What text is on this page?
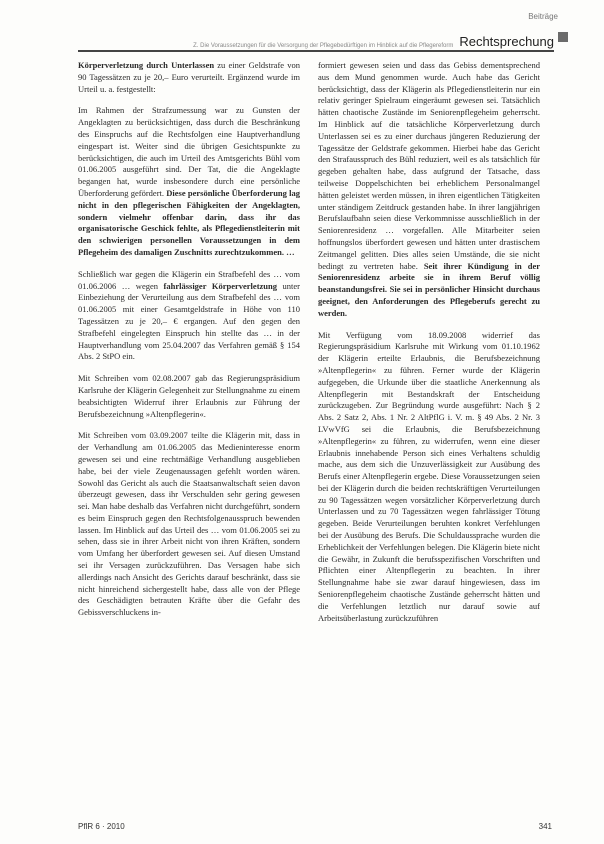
Beiträge
Z. Die Voraussetzungen für die Versorgung der Pflegebedürftigen im Hinblick auf die Pflegereform Rechtsprechung

Körperverletzung durch Unterlassen zu einer Geldstrafe von 90 Tagessätzen zu je 20,– Euro verurteilt. Ergänzend wurde im Urteil u. a. festgestellt:

Im Rahmen der Strafzumessung war zu Gunsten der Angeklagten zu berücksichtigen, dass durch die Beschränkung des Einspruchs auf die Rechtsfolgen eine Hauptverhandlung eingespart ist. Weiter sind die übrigen Gesichtspunkte zu berücksichtigen, die auch im Urteil des Amtsgerichts Bühl vom 01.06.2005 ausgeführt sind. Der Tat, die die Angeklagte begangen hat, wurde insbesondere durch eine persönliche Überforderung gefördert. Diese persönliche Überforderung lag nicht in den pflegerischen Fähigkeiten der Angeklagten, sondern vielmehr offenbar darin, dass ihr das organisatorische Geschick fehlte, als Pflegedienstleiterin mit den schwierigen personellen Voraussetzungen in dem Pflegeheim des damaligen Zuschnitts zurechtzukommen. …

Schließlich war gegen die Klägerin ein Strafbefehl des … vom 01.06.2006 … wegen fahrlässiger Körperverletzung unter Einbeziehung der Verurteilung aus dem Strafbefehl des … vom 01.06.2005 mit einer Gesamtgeldstrafe in Höhe von 110 Tagessätzen zu je 20,– € ergangen. Auf den gegen den Strafbefehl eingelegten Einspruch hin stellte das … in der Hauptverhandlung vom 25.04.2007 das Verfahren gemäß § 154 Abs. 2 StPO ein.

Mit Schreiben vom 02.08.2007 gab das Regierungspräsidium Karlsruhe der Klägerin Gelegenheit zur Stellungnahme zu einem beabsichtigten Widerruf ihrer Erlaubnis zur Führung der Berufsbezeichnung »Altenpflegerin«.

Mit Schreiben vom 03.09.2007 teilte die Klägerin mit, dass in der Verhandlung am 01.06.2005 das Medieninteresse enorm gewesen sei und eine rechtmäßige Verhandlung ausgeblieben habe, bei der viele Zeugenaussagen gefehlt worden wären. Sowohl das Gericht als auch die Staatsanwaltschaft seien davon überzeugt gewesen, dass ihr Verschulden sehr gering gewesen sei. Man habe deshalb das Verfahren nicht durchgeführt, sondern es beim Einspruch gegen den Rechtsfolgenausspruch bewenden lassen. Im Hinblick auf das Urteil des … vom 01.06.2005 sei zu sehen, dass sie in ihrer Arbeit nicht von ihren Kräften, sondern vom Umfang her überfordert gewesen sei. Auf diesen Umstand sei ihr Versagen zurückzuführen. Das Versagen habe sich allerdings nach Ansicht des Gerichts darauf beschränkt, dass sie nicht hinreichend sichergestellt habe, dass alle von der Pflege des Geschädigten betrauten Kräfte über die Gefahr des Gebissverschluckens in-

formiert gewesen seien und dass das Gebiss dementsprechend aus dem Mund genommen wurde. Auch habe das Gericht berücksichtigt, dass der Klägerin als Pflegedienstleiterin nur ein relativ geringer Spielraum eingeräumt gewesen sei. Tatsächlich hätten chaotische Zustände im Seniorenpflegeheim geherrscht. Im Hinblick auf die tatsächliche Körperverletzung durch Unterlassen sei es zu einer durchaus jüngeren Reduzierung der Tagessätze der Geldstrafe gekommen. Hierbei habe das Gericht den Strafausspruch des Bühl reduziert, weil es als tatsächlich für gegeben gehalten habe, dass aufgrund der Tatsache, dass teilweise Doppelschichten bei erheblichem Personalmangel hätten geleistet werden müssen, in ihren eigentlichen Tätigkeiten unter ständigem Zeitdruck gestanden habe. In ihrer langjährigen Berufslaufbahn seien diese Verkommnisse ausschließlich in der Seniorenresidenz … vorgefallen. Alle Mitarbeiter seien hoffnungslos überfordert gewesen und hätten unter drastischem Zeitmangel gelitten. Dies alles seien Umstände, die sie nicht bedingt zu vertreten habe. Seit ihrer Kündigung in der Seniorenresidenz arbeite sie in ihrem Beruf völlig beanstandungsfrei. Sie sei in persönlicher Hinsicht durchaus geeignet, den Anforderungen des Pflegeberufs gerecht zu werden.

Mit Verfügung vom 18.09.2008 widerrief das Regierungspräsidium Karlsruhe mit Wirkung vom 01.10.1962 der Klägerin erteilte Erlaubnis, die Berufsbezeichnung »Altenpflegerin« zu führen. Ferner wurde der Klägerin aufgegeben, die Urkunde über die staatliche Anerkennung als Altenpflegerin mit Bestandskraft der Entscheidung zurückzugeben. Zur Begründung wurde ausgeführt: Nach § 2 Abs. 2 Satz 2, Abs. 1 Nr. 2 AltPflG i. V. m. § 49 Abs. 2 Nr. 3 LVwVfG sei die Erlaubnis, die Berufsbezeichnung »Altenpflegerin« zu führen, zu widerrufen, wenn eine dieser Erlaubnis innehabende Person sich eines Verhaltens schuldig mache, aus dem sich die Unzuverlässigkeit zur Ausübung des Berufs einer Altenpflegerin ergebe. Diese Voraussetzungen seien bei der Klägerin durch die beiden rechtskräftigen Verurteilungen zu 90 Tagessätzen wegen vorsätzlicher Körperverletzung durch Unterlassen und zu 70 Tagessätzen wegen fahrlässiger Tötung gegeben. Beide Verurteilungen beruhten konkret Verfehlungen bei der Ausübung des Berufs. Die Schuldaussprache wurden die Erheblichkeit der Verfehlungen belegen. Die Klägerin biete nicht die Gewähr, in Zukunft die berufsspezifischen Vorschriften und Pflichten einer Altenpflegerin zu beachten. In ihrer Stellungnahme habe sie zwar darauf hingewiesen, dass im Seniorenpflegeheim chaotische Zustände geherrscht hätten und die Verfehlungen letztlich nur darauf sowie auf Arbeitsüberlastung zurückzuführen

PflR 6 · 2010	341
